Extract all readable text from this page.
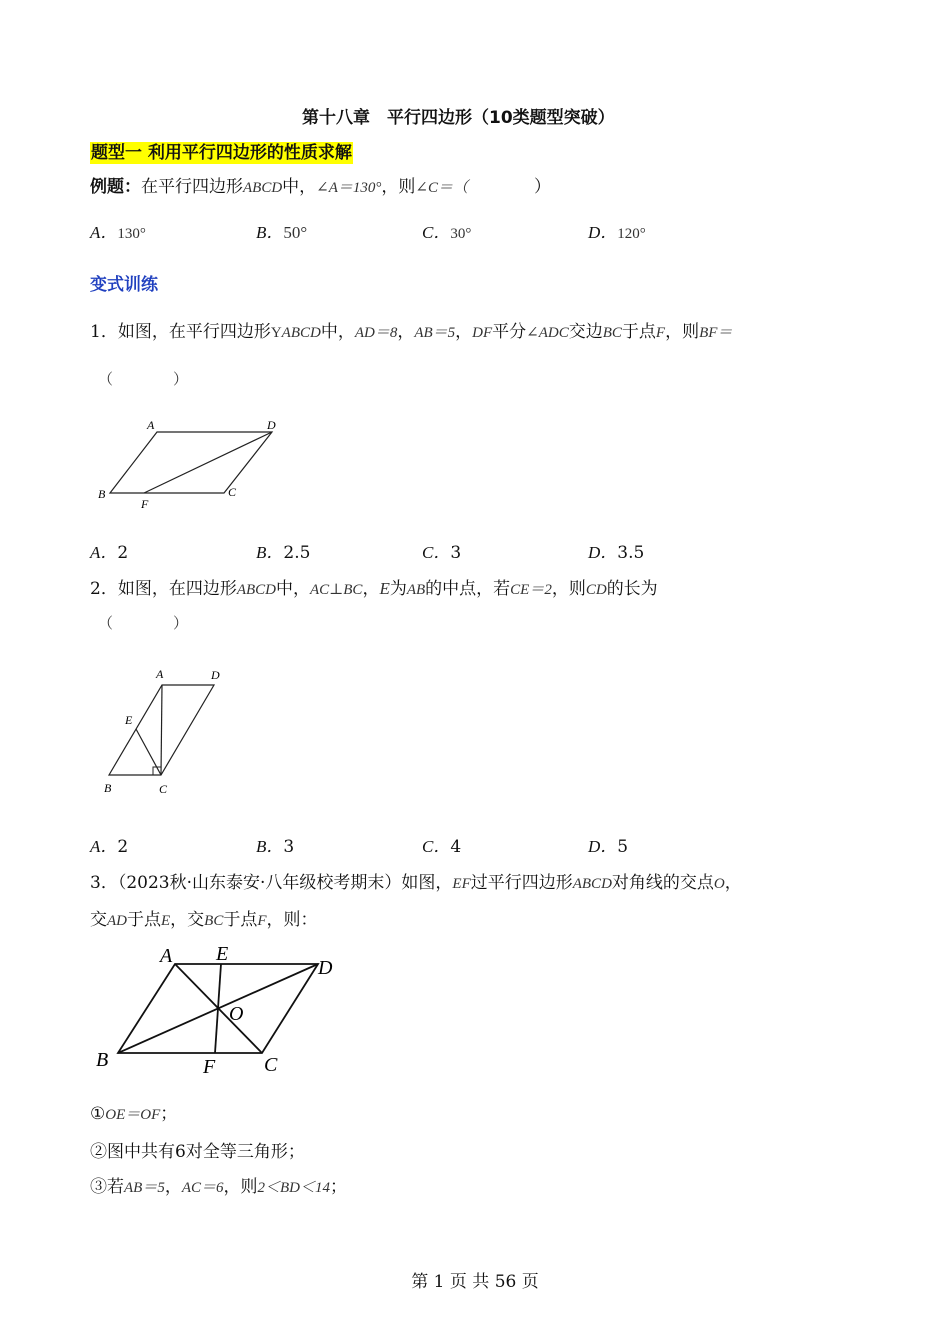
第十八章　平行四边形（10类题型突破）
题型一 利用平行四边形的性质求解
例题：在平行四边形ABCD中，∠A＝130°，则∠C＝（	）
A．130°	B．50°	C．30°	D．120°
变式训练
1．如图，在平行四边形YABCD中，AD＝8，AB＝5，DF平分∠ADC交边BC于点F，则BF＝
（　　　　）
A	D
B	C
F
A．2	B．2.5	C．3	D．3.5
2．如图，在四边形ABCD中，AC⊥BC，E为AB的中点，若CE＝2，则CD的长为
（　　　　）
A	D
E
B	C
A．2	B．3	C．4	D．5
3．（2023秋·山东泰安·八年级校考期末）如图，EF过平行四边形ABCD对角线的交点O，
交AD于点E，交BC于点F，则：
A E
D
O
B	F C
①OE＝OF；
②图中共有6对全等三角形；
③若AB＝5，AC＝6，则2＜BD＜14；
第 1 页 共 56 页
